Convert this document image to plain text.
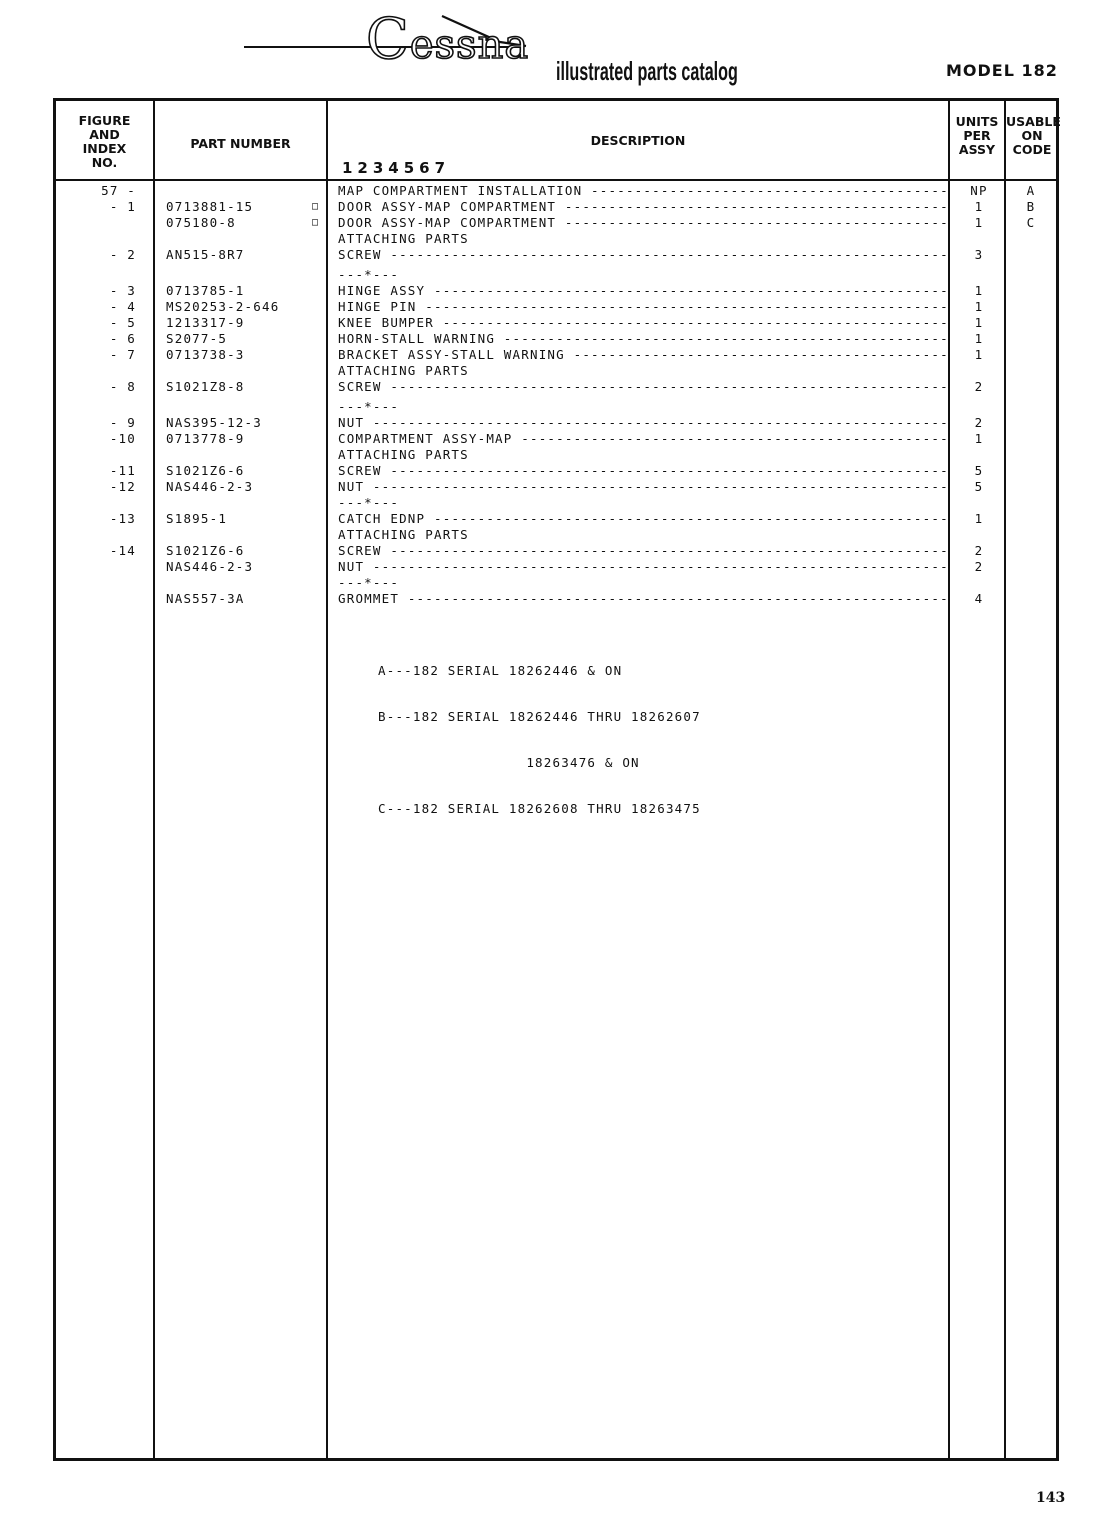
Cessna
illustrated parts catalog	MODEL 182
FIGURE
AND
INDEX
NO.
PART NUMBER	DESCRIPTION
1234567
UNITS
PER
ASSY
USABLE
ON
CODE
57 -	MAP COMPARTMENT INSTALLATION -----	NP	A
- 1 0713881-15	□ DOOR ASSY-MAP COMPARTMENT -----	1	B
075180-8	□ DOOR ASSY-MAP COMPARTMENT -----	1	C
ATTACHING PARTS
- 2 AN515-8R7	SCREW -----	3
---*---
- 3 0713785-1	HINGE ASSY -----	1
- 4 MS20253-2-646	HINGE PIN -----	1
- 5 1213317-9	KNEE BUMPER -----	1
- 6 S2077-5	HORN-STALL WARNING -----	1
- 7 0713738-3	BRACKET ASSY-STALL WARNING -----	1
ATTACHING PARTS
- 8 S1021Z8-8	SCREW -----	2
---*---
- 9 NAS395-12-3	NUT -----	2
-10 0713778-9	COMPARTMENT ASSY-MAP -----	1
ATTACHING PARTS
-11 S1021Z6-6	SCREW -----	5
-12 NAS446-2-3	NUT -----	5
---*---
-13 S1895-1	CATCH EDNP -----	1
ATTACHING PARTS
-14 S1021Z6-6	SCREW -----	2
NAS446-2-3	NUT -----	2
---*---
NAS557-3A	GROMMET -----	4

A---182 SERIAL 18262446 & ON

B---182 SERIAL 18262446 THRU 18262607

18263476 & ON

C---182 SERIAL 18262608 THRU 18263475

143
